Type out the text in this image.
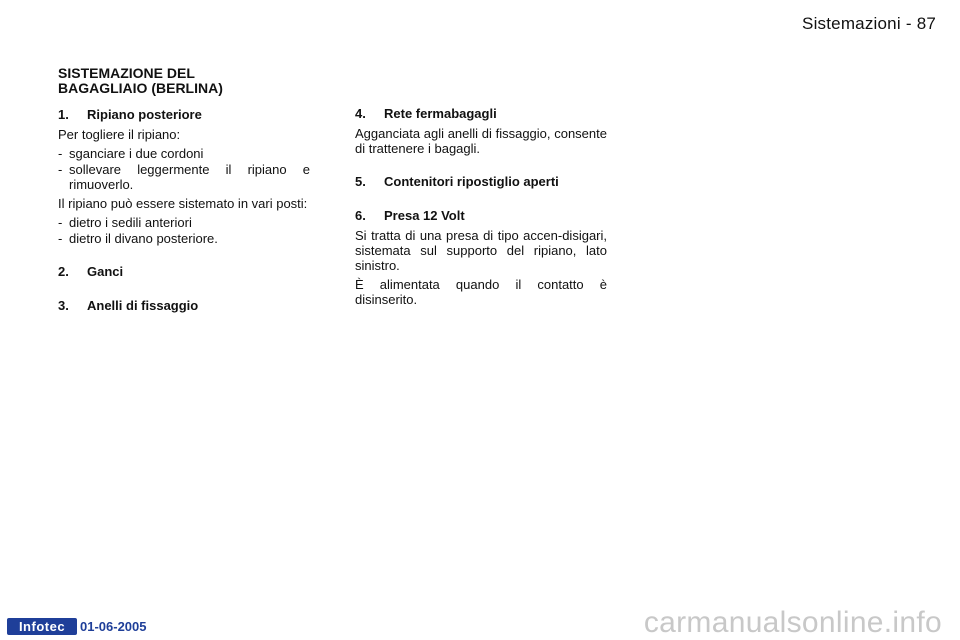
Sistemazioni - 87
SISTEMAZIONE DEL
BAGAGLIAIO (BERLINA)
1. Ripiano posteriore

Per togliere il ripiano:

- sganciare i due cordoni
- sollevare leggermente il ripiano e rimuoverlo.

Il ripiano può essere sistemato in vari posti:

- dietro i sedili anteriori
- dietro il divano posteriore.
2. Ganci
3. Anelli di fissaggio
4. Rete fermabagagli

Agganciata agli anelli di fissaggio, consente di trattenere i bagagli.

5. Contenitori ripostiglio aperti
6. Presa 12 Volt

Si tratta di una presa di tipo accen-disigari, sistemata sul supporto del ripiano, lato sinistro.

È alimentata quando il contatto è disinserito.

Infotec	01-06-2005	carmanualsonline.info
